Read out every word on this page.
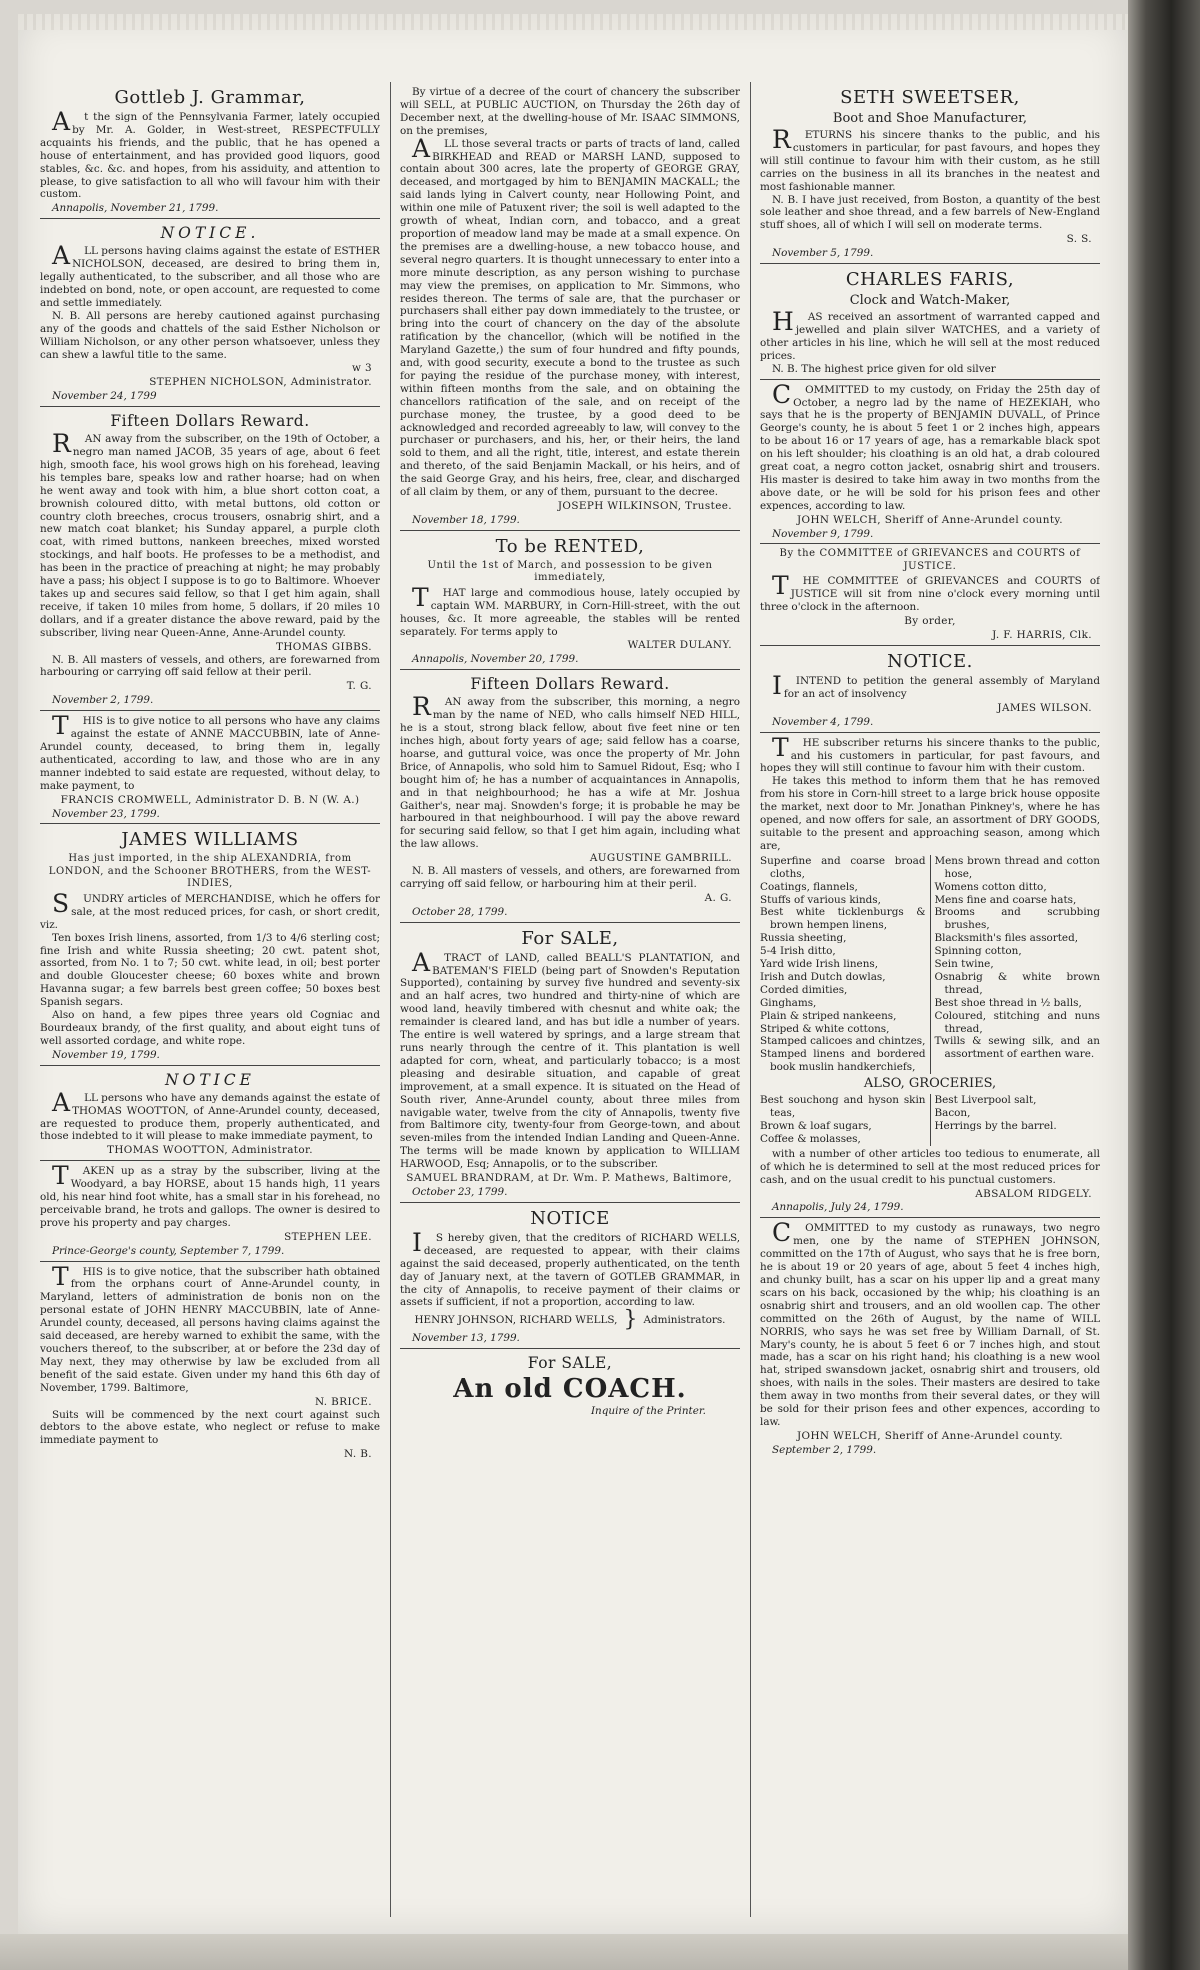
Gottleb J. Grammar,

At the sign of the Pennsylvania Farmer, lately occupied by Mr. A. Golder, in West-street, RESPECTFULLY acquaints his friends, and the public, that he has opened a house of entertainment, and has provided good liquors, good stables, &c. &c. and hopes, from his assiduity, and attention to please, to give satisfaction to all who will favour him with their custom.

Annapolis, November 21, 1799.
NOTICE.

ALL persons having claims against the estate of ESTHER NICHOLSON, deceased, are desired to bring them in, legally authenticated, to the subscriber, and all those who are indebted on bond, note, or open account, are requested to come and settle immediately.

N. B. All persons are hereby cautioned against purchasing any of the goods and chattels of the said Esther Nicholson or William Nicholson, or any other person whatsoever, unless they can shew a lawful title to the same.

w 3
STEPHEN NICHOLSON, Administrator.
November 24, 1799
Fifteen Dollars Reward.

RAN away from the subscriber, on the 19th of October, a negro man named JACOB, 35 years of age, about 6 feet high, smooth face, his wool grows high on his forehead, leaving his temples bare, speaks low and rather hoarse; had on when he went away and took with him, a blue short cotton coat, a brownish coloured ditto, with metal buttons, old cotton or country cloth breeches, crocus trousers, osnabrig shirt, and a new match coat blanket; his Sunday apparel, a purple cloth coat, with rimed buttons, nankeen breeches, mixed worsted stockings, and half boots. He professes to be a methodist, and has been in the practice of preaching at night; he may probably have a pass; his object I suppose is to go to Baltimore. Whoever takes up and secures said fellow, so that I get him again, shall receive, if taken 10 miles from home, 5 dollars, if 20 miles 10 dollars, and if a greater distance the above reward, paid by the subscriber, living near Queen-Anne, Anne-Arundel county.

THOMAS GIBBS.

N. B. All masters of vessels, and others, are forewarned from harbouring or carrying off said fellow at their peril.

T. G.
November 2, 1799.

THIS is to give notice to all persons who have any claims against the estate of ANNE MACCUBBIN, late of Anne-Arundel county, deceased, to bring them in, legally authenticated, according to law, and those who are in any manner indebted to said estate are requested, without delay, to make payment, to

FRANCIS CROMWELL, Administrator D. B. N (W. A.)
November 23, 1799.
JAMES WILLIAMS
Has just imported, in the ship ALEXANDRIA, from LONDON, and the Schooner BROTHERS, from the WEST-INDIES,

SUNDRY articles of MERCHANDISE, which he offers for sale, at the most reduced prices, for cash, or short credit, viz.

Ten boxes Irish linens, assorted, from 1/3 to 4/6 sterling cost; fine Irish and white Russia sheeting; 20 cwt. patent shot, assorted, from No. 1 to 7; 50 cwt. white lead, in oil; best porter and double Gloucester cheese; 60 boxes white and brown Havanna sugar; a few barrels best green coffee; 50 boxes best Spanish segars.

Also on hand, a few pipes three years old Cogniac and Bourdeaux brandy, of the first quality, and about eight tuns of well assorted cordage, and white rope.

November 19, 1799.
NOTICE

ALL persons who have any demands against the estate of THOMAS WOOTTON, of Anne-Arundel county, deceased, are requested to produce them, properly authenticated, and those indebted to it will please to make immediate payment, to

THOMAS WOOTTON, Administrator.

TAKEN up as a stray by the subscriber, living at the Woodyard, a bay HORSE, about 15 hands high, 11 years old, his near hind foot white, has a small star in his forehead, no perceivable brand, he trots and gallops. The owner is desired to prove his property and pay charges.

STEPHEN LEE.
Prince-George's county, September 7, 1799.

THIS is to give notice, that the subscriber hath obtained from the orphans court of Anne-Arundel county, in Maryland, letters of administration de bonis non on the personal estate of JOHN HENRY MACCUBBIN, late of Anne-Arundel county, deceased, all persons having claims against the said deceased, are hereby warned to exhibit the same, with the vouchers thereof, to the subscriber, at or before the 23d day of May next, they may otherwise by law be excluded from all benefit of the said estate. Given under my hand this 6th day of November, 1799. Baltimore,

N. BRICE.

Suits will be commenced by the next court against such debtors to the above estate, who neglect or refuse to make immediate payment to

N. B.

By virtue of a decree of the court of chancery the subscriber will SELL, at PUBLIC AUCTION, on Thursday the 26th day of December next, at the dwelling-house of Mr. ISAAC SIMMONS, on the premises,

ALL those several tracts or parts of tracts of land, called BIRKHEAD and READ or MARSH LAND, supposed to contain about 300 acres, late the property of GEORGE GRAY, deceased, and mortgaged by him to BENJAMIN MACKALL; the said lands lying in Calvert county, near Hollowing Point, and within one mile of Patuxent river; the soil is well adapted to the growth of wheat, Indian corn, and tobacco, and a great proportion of meadow land may be made at a small expence. On the premises are a dwelling-house, a new tobacco house, and several negro quarters. It is thought unnecessary to enter into a more minute description, as any person wishing to purchase may view the premises, on application to Mr. Simmons, who resides thereon. The terms of sale are, that the purchaser or purchasers shall either pay down immediately to the trustee, or bring into the court of chancery on the day of the absolute ratification by the chancellor, (which will be notified in the Maryland Gazette,) the sum of four hundred and fifty pounds, and, with good security, execute a bond to the trustee as such for paying the residue of the purchase money, with interest, within fifteen months from the sale, and on obtaining the chancellors ratification of the sale, and on receipt of the purchase money, the trustee, by a good deed to be acknowledged and recorded agreeably to law, will convey to the purchaser or purchasers, and his, her, or their heirs, the land sold to them, and all the right, title, interest, and estate therein and thereto, of the said Benjamin Mackall, or his heirs, and of the said George Gray, and his heirs, free, clear, and discharged of all claim by them, or any of them, pursuant to the decree.

JOSEPH WILKINSON, Trustee.
November 18, 1799.
To be RENTED,
Until the 1st of March, and possession to be given immediately,

THAT large and commodious house, lately occupied by captain WM. MARBURY, in Corn-Hill-street, with the out houses, &c. It more agreeable, the stables will be rented separately. For terms apply to

WALTER DULANY.
Annapolis, November 20, 1799.
Fifteen Dollars Reward.

RAN away from the subscriber, this morning, a negro man by the name of NED, who calls himself NED HILL, he is a stout, strong black fellow, about five feet nine or ten inches high, about forty years of age; said fellow has a coarse, hoarse, and guttural voice, was once the property of Mr. John Brice, of Annapolis, who sold him to Samuel Ridout, Esq; who I bought him of; he has a number of acquaintances in Annapolis, and in that neighbourhood; he has a wife at Mr. Joshua Gaither's, near maj. Snowden's forge; it is probable he may be harboured in that neighbourhood. I will pay the above reward for securing said fellow, so that I get him again, including what the law allows.

AUGUSTINE GAMBRILL.

N. B. All masters of vessels, and others, are forewarned from carrying off said fellow, or harbouring him at their peril.

A. G.
October 28, 1799.
For SALE,

ATRACT of LAND, called BEALL'S PLANTATION, and BATEMAN'S FIELD (being part of Snowden's Reputation Supported), containing by survey five hundred and seventy-six and an half acres, two hundred and thirty-nine of which are wood land, heavily timbered with chesnut and white oak; the remainder is cleared land, and has but idle a number of years. The entire is well watered by springs, and a large stream that runs nearly through the centre of it. This plantation is well adapted for corn, wheat, and particularly tobacco; is a most pleasing and desirable situation, and capable of great improvement, at a small expence. It is situated on the Head of South river, Anne-Arundel county, about three miles from navigable water, twelve from the city of Annapolis, twenty five from Baltimore city, twenty-four from George-town, and about seven-miles from the intended Indian Landing and Queen-Anne. The terms will be made known by application to WILLIAM HARWOOD, Esq; Annapolis, or to the subscriber.

SAMUEL BRANDRAM, at Dr. Wm. P. Mathews, Baltimore,
October 23, 1799.
NOTICE

IS hereby given, that the creditors of RICHARD WELLS, deceased, are requested to appear, with their claims against the said deceased, properly authenticated, on the tenth day of January next, at the tavern of GOTLEB GRAMMAR, in the city of Annapolis, to receive payment of their claims or assets if sufficient, if not a proportion, according to law.

HENRY JOHNSON, RICHARD WELLS, } Administrators.
November 13, 1799.
For SALE,
An old COACH.
Inquire of the Printer.
SETH SWEETSER,
Boot and Shoe Manufacturer,

RETURNS his sincere thanks to the public, and his customers in particular, for past favours, and hopes they will still continue to favour him with their custom, as he still carries on the business in all its branches in the neatest and most fashionable manner.

N. B. I have just received, from Boston, a quantity of the best sole leather and shoe thread, and a few barrels of New-England stuff shoes, all of which I will sell on moderate terms.

S. S.
November 5, 1799.
CHARLES FARIS,
Clock and Watch-Maker,

HAS received an assortment of warranted capped and jewelled and plain silver WATCHES, and a variety of other articles in his line, which he will sell at the most reduced prices.

N. B. The highest price given for old silver

COMMITTED to my custody, on Friday the 25th day of October, a negro lad by the name of HEZEKIAH, who says that he is the property of BENJAMIN DUVALL, of Prince George's county, he is about 5 feet 1 or 2 inches high, appears to be about 16 or 17 years of age, has a remarkable black spot on his left shoulder; his cloathing is an old hat, a drab coloured great coat, a negro cotton jacket, osnabrig shirt and trousers. His master is desired to take him away in two months from the above date, or he will be sold for his prison fees and other expences, according to law.

JOHN WELCH, Sheriff of Anne-Arundel county.
November 9, 1799.
By the COMMITTEE of GRIEVANCES and COURTS of JUSTICE.

THE COMMITTEE of GRIEVANCES and COURTS of JUSTICE will sit from nine o'clock every morning until three o'clock in the afternoon.

By order,
J. F. HARRIS, Clk.
NOTICE.

IINTEND to petition the general assembly of Maryland for an act of insolvency

JAMES WILSON.
November 4, 1799.

THE subscriber returns his sincere thanks to the public, and his customers in particular, for past favours, and hopes they will still continue to favour him with their custom.

He takes this method to inform them that he has removed from his store in Corn-hill street to a large brick house opposite the market, next door to Mr. Jonathan Pinkney's, where he has opened, and now offers for sale, an assortment of DRY GOODS, suitable to the present and approaching season, among which are,

Superfine and coarse broad cloths,
Coatings, flannels,
Stuffs of various kinds,
Best white ticklenburgs & brown hempen linens,
Russia sheeting,
5-4 Irish ditto,
Yard wide Irish linens,
Irish and Dutch dowlas,
Corded dimities,
Ginghams,
Plain & striped nankeens,
Striped & white cottons,
Stamped calicoes and chintzes,
Stamped linens and bordered book muslin handkerchiefs,
Mens brown thread and cotton hose,
Womens cotton ditto,
Mens fine and coarse hats,
Brooms and scrubbing brushes,
Blacksmith's files assorted,
Spinning cotton,
Sein twine,
Osnabrig & white brown thread,
Best shoe thread in ½ balls,
Coloured, stitching and nuns thread,
Twills & sewing silk, and an assortment of earthen ware.
ALSO, GROCERIES,
Best souchong and hyson skin teas,
Brown & loaf sugars,
Coffee & molasses,
Best Liverpool salt,
Bacon,
Herrings by the barrel.

with a number of other articles too tedious to enumerate, all of which he is determined to sell at the most reduced prices for cash, and on the usual credit to his punctual customers.

ABSALOM RIDGELY.
Annapolis, July 24, 1799.

COMMITTED to my custody as runaways, two negro men, one by the name of STEPHEN JOHNSON, committed on the 17th of August, who says that he is free born, he is about 19 or 20 years of age, about 5 feet 4 inches high, and chunky built, has a scar on his upper lip and a great many scars on his back, occasioned by the whip; his cloathing is an osnabrig shirt and trousers, and an old woollen cap. The other committed on the 26th of August, by the name of WILL NORRIS, who says he was set free by William Darnall, of St. Mary's county, he is about 5 feet 6 or 7 inches high, and stout made, has a scar on his right hand; his cloathing is a new wool hat, striped swansdown jacket, osnabrig shirt and trousers, old shoes, with nails in the soles. Their masters are desired to take them away in two months from their several dates, or they will be sold for their prison fees and other expences, according to law.

JOHN WELCH, Sheriff of Anne-Arundel county.
September 2, 1799.
